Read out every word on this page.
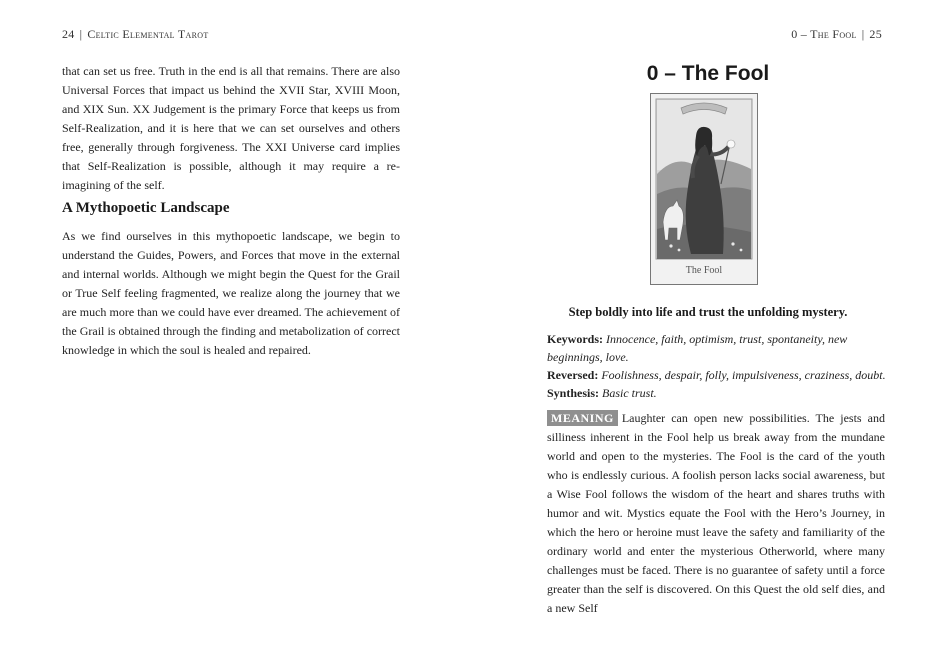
24 | Celtic Elemental Tarot

that can set us free. Truth in the end is all that remains. There are also Universal Forces that impact us behind the XVII Star, XVIII Moon, and XIX Sun. XX Judgement is the primary Force that keeps us from Self-Realization, and it is here that we can set ourselves and others free, generally through forgiveness. The XXI Universe card implies that Self-Realization is possible, although it may require a re-imagining of the self.

A Mythopoetic Landscape

As we find ourselves in this mythopoetic landscape, we begin to understand the Guides, Powers, and Forces that move in the external and internal worlds. Although we might begin the Quest for the Grail or True Self feeling fragmented, we realize along the journey that we are much more than we could have ever dreamed. The achievement of the Grail is obtained through the finding and metabolization of correct knowledge in which the soul is healed and repaired.

0 – The Fool | 25
0 – The Fool
The Fool

Step boldly into life and trust the unfolding mystery.

Keywords: Innocence, faith, optimism, trust, spontaneity, new beginnings, love.
Reversed: Foolishness, despair, folly, impulsiveness, craziness, doubt.
Synthesis: Basic trust.

MEANING Laughter can open new possibilities. The jests and silliness inherent in the Fool help us break away from the mundane world and open to the mysteries. The Fool is the card of the youth who is endlessly curious. A foolish person lacks social awareness, but a Wise Fool follows the wisdom of the heart and shares truths with humor and wit. Mystics equate the Fool with the Hero’s Journey, in which the hero or heroine must leave the safety and familiarity of the ordinary world and enter the mysterious Otherworld, where many challenges must be faced. There is no guarantee of safety until a force greater than the self is discovered. On this Quest the old self dies, and a new Self
